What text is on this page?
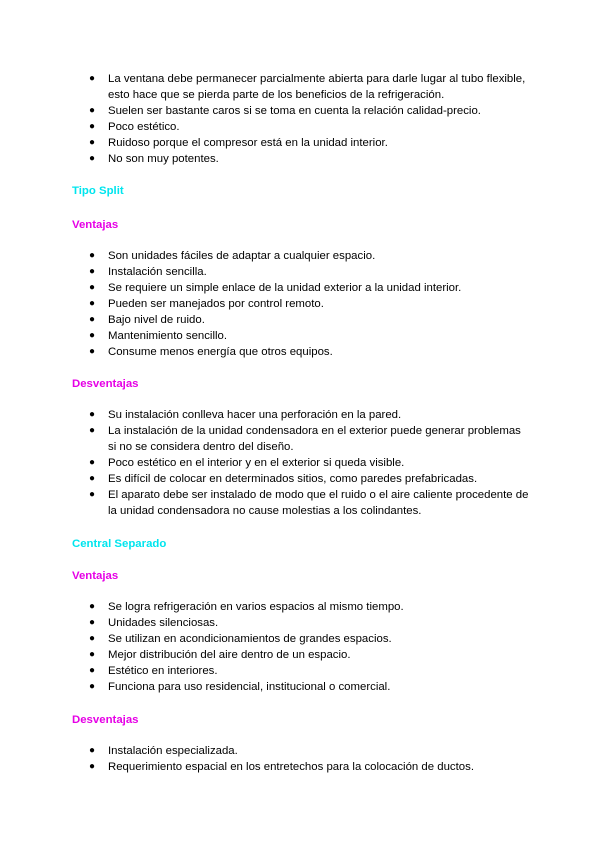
● La ventana debe permanecer parcialmente abierta para darle lugar al tubo flexible, esto hace que se pierda parte de los beneficios de la refrigeración.
● Suelen ser bastante caros si se toma en cuenta la relación calidad-precio.
● Poco estético.
● Ruidoso porque el compresor está en la unidad interior.
● No son muy potentes.
Tipo Split
Ventajas
● Son unidades fáciles de adaptar a cualquier espacio.
● Instalación sencilla.
● Se requiere un simple enlace de la unidad exterior a la unidad interior.
● Pueden ser manejados por control remoto.
● Bajo nivel de ruido.
● Mantenimiento sencillo.
● Consume menos energía que otros equipos.
Desventajas
● Su instalación conlleva hacer una perforación en la pared.
● La instalación de la unidad condensadora en el exterior puede generar problemas si no se considera dentro del diseño.
● Poco estético en el interior y en el exterior si queda visible.
● Es difícil de colocar en determinados sitios, como paredes prefabricadas.
● El aparato debe ser instalado de modo que el ruido o el aire caliente procedente de la unidad condensadora no cause molestias a los colindantes.
Central Separado
Ventajas
● Se logra refrigeración en varios espacios al mismo tiempo.
● Unidades silenciosas.
● Se utilizan en acondicionamientos de grandes espacios.
● Mejor distribución del aire dentro de un espacio.
● Estético en interiores.
● Funciona para uso residencial, institucional o comercial.
Desventajas
● Instalación especializada.
● Requerimiento espacial en los entretechos para la colocación de ductos.
